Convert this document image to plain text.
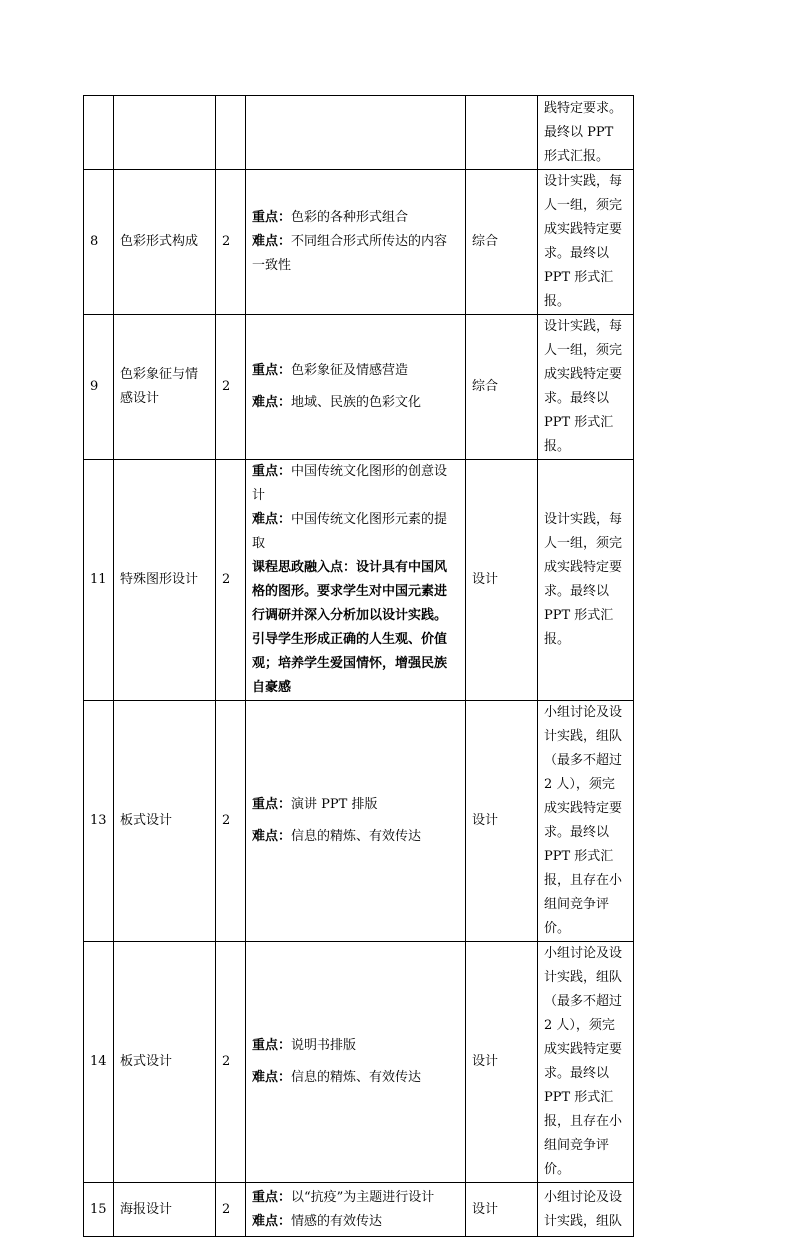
					践特定要求。最终以 PPT 形式汇报。

8	色彩形式构成	2	重点：色彩的各种形式组合
难点：不同组合形式所传达的内容一致性	综合	设计实践，每人一组，须完成实践特定要求。最终以 PPT 形式汇报。

9	色彩象征与情感设计	2	重点：色彩象征及情感营造
难点：地域、民族的色彩文化	综合	设计实践，每人一组，须完成实践特定要求。最终以 PPT 形式汇报。

11	特殊图形设计	2	重点：中国传统文化图形的创意设计
难点：中国传统文化图形元素的提取
课程思政融入点：设计具有中国风格的图形。要求学生对中国元素进行调研并深入分析加以设计实践。引导学生形成正确的人生观、价值观；培养学生爱国情怀，增强民族自豪感	设计	设计实践，每人一组，须完成实践特定要求。最终以 PPT 形式汇报。

13	板式设计	2	重点：演讲 PPT 排版
难点：信息的精炼、有效传达	设计	小组讨论及设计实践，组队（最多不超过 2 人），须完成实践特定要求。最终以 PPT 形式汇报，且存在小组间竞争评价。

14	板式设计	2	重点：说明书排版
难点：信息的精炼、有效传达	设计	小组讨论及设计实践，组队（最多不超过 2 人），须完成实践特定要求。最终以 PPT 形式汇报，且存在小组间竞争评价。

15	海报设计	2	重点：以“抗疫”为主题进行设计
难点：情感的有效传达	设计	小组讨论及设计实践，组队
